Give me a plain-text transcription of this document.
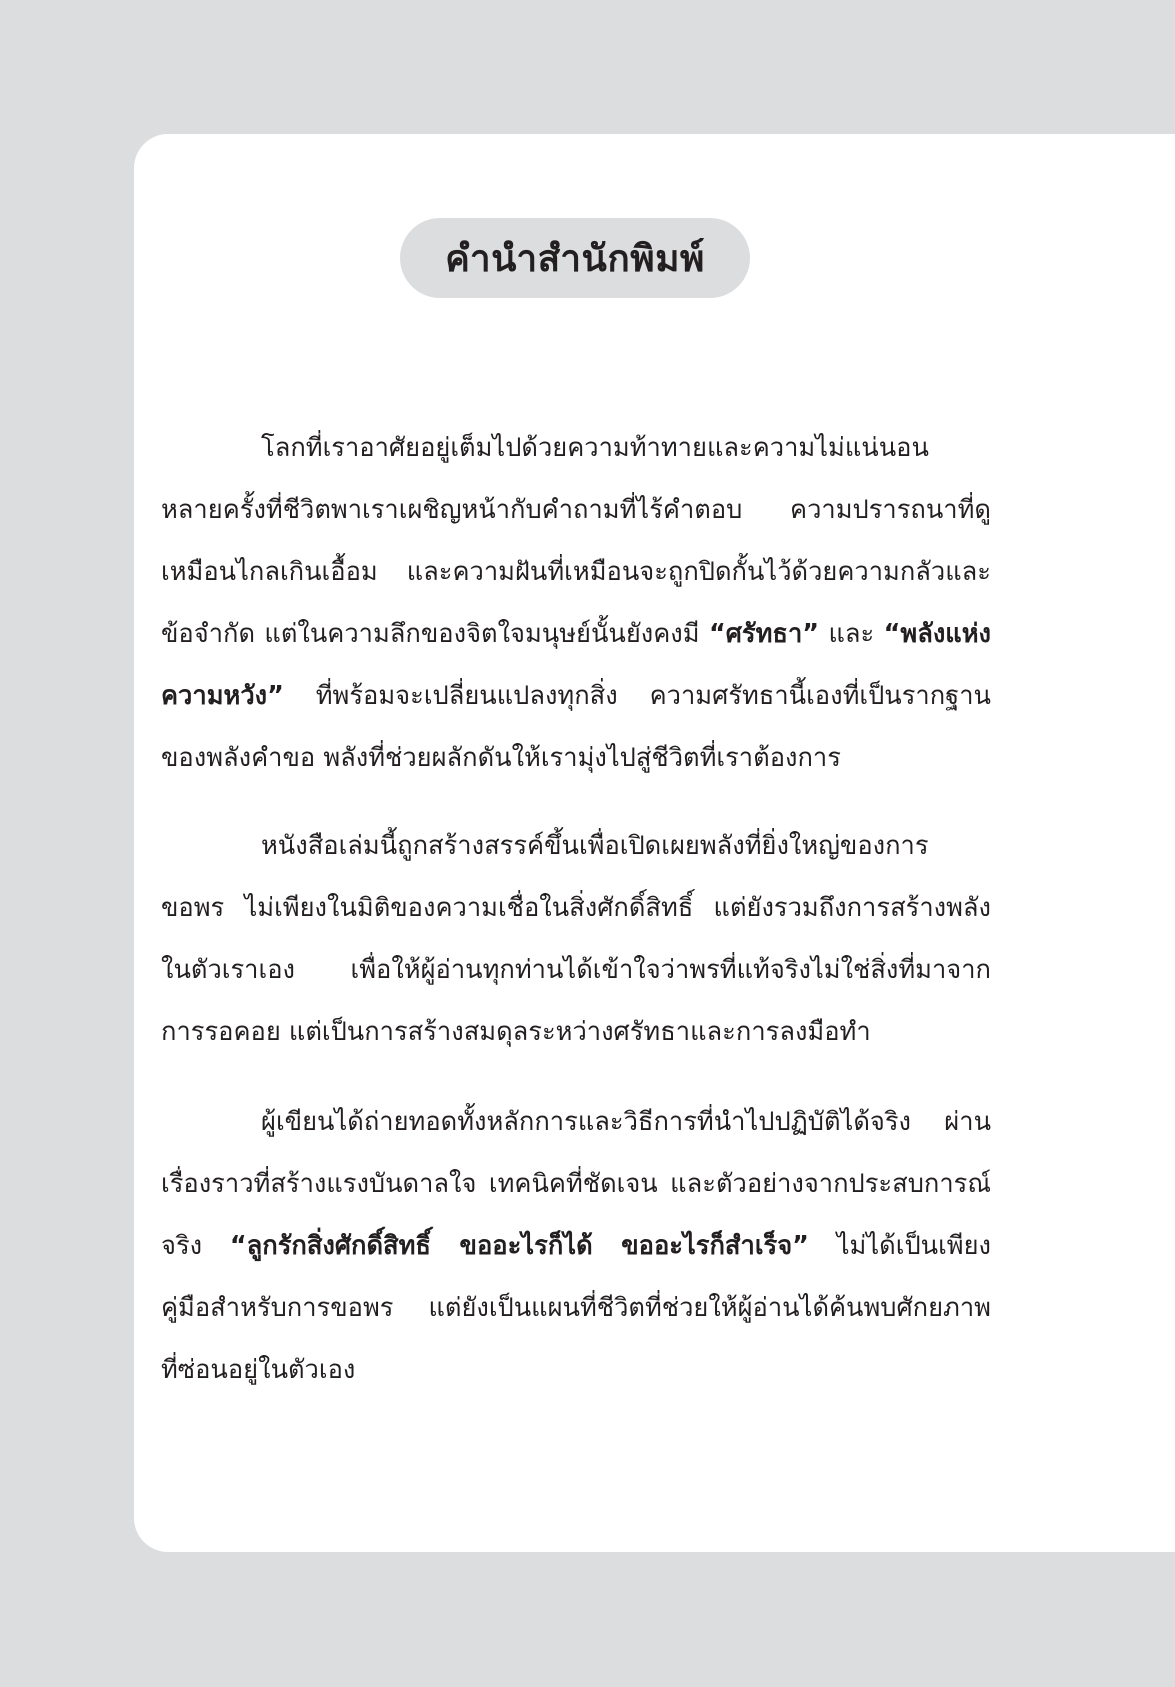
คำนำสำนักพิมพ์
โลกที่เราอาศัยอยู่เต็มไปด้วยความท้าทายและความไม่แน่นอน
หลายครั้งที่ชีวิตพาเราเผชิญหน้ากับคำถามที่ไร้คำตอบ ความปรารถนาที่ดู
เหมือนไกลเกินเอื้อม และความฝันที่เหมือนจะถูกปิดกั้นไว้ด้วยความกลัวและ
ข้อจำกัด แต่ในความลึกของจิตใจมนุษย์นั้นยังคงมี “ศรัทธา” และ “พลังแห่ง
ความหวัง” ที่พร้อมจะเปลี่ยนแปลงทุกสิ่ง ความศรัทธานี้เองที่เป็นรากฐาน
ของพลังคำขอ พลังที่ช่วยผลักดันให้เรามุ่งไปสู่ชีวิตที่เราต้องการ
หนังสือเล่มนี้ถูกสร้างสรรค์ขึ้นเพื่อเปิดเผยพลังที่ยิ่งใหญ่ของการ
ขอพร ไม่เพียงในมิติของความเชื่อในสิ่งศักดิ์สิทธิ์ แต่ยังรวมถึงการสร้างพลัง
ในตัวเราเอง เพื่อให้ผู้อ่านทุกท่านได้เข้าใจว่าพรที่แท้จริงไม่ใช่สิ่งที่มาจาก
การรอคอย แต่เป็นการสร้างสมดุลระหว่างศรัทธาและการลงมือทำ
ผู้เขียนได้ถ่ายทอดทั้งหลักการและวิธีการที่นำไปปฏิบัติได้จริง ผ่าน
เรื่องราวที่สร้างแรงบันดาลใจ เทคนิคที่ชัดเจน และตัวอย่างจากประสบการณ์
จริง “ลูกรักสิ่งศักดิ์สิทธิ์ ขออะไรก็ได้ ขออะไรก็สำเร็จ” ไม่ได้เป็นเพียง
คู่มือสำหรับการขอพร แต่ยังเป็นแผนที่ชีวิตที่ช่วยให้ผู้อ่านได้ค้นพบศักยภาพ
ที่ซ่อนอยู่ในตัวเอง
